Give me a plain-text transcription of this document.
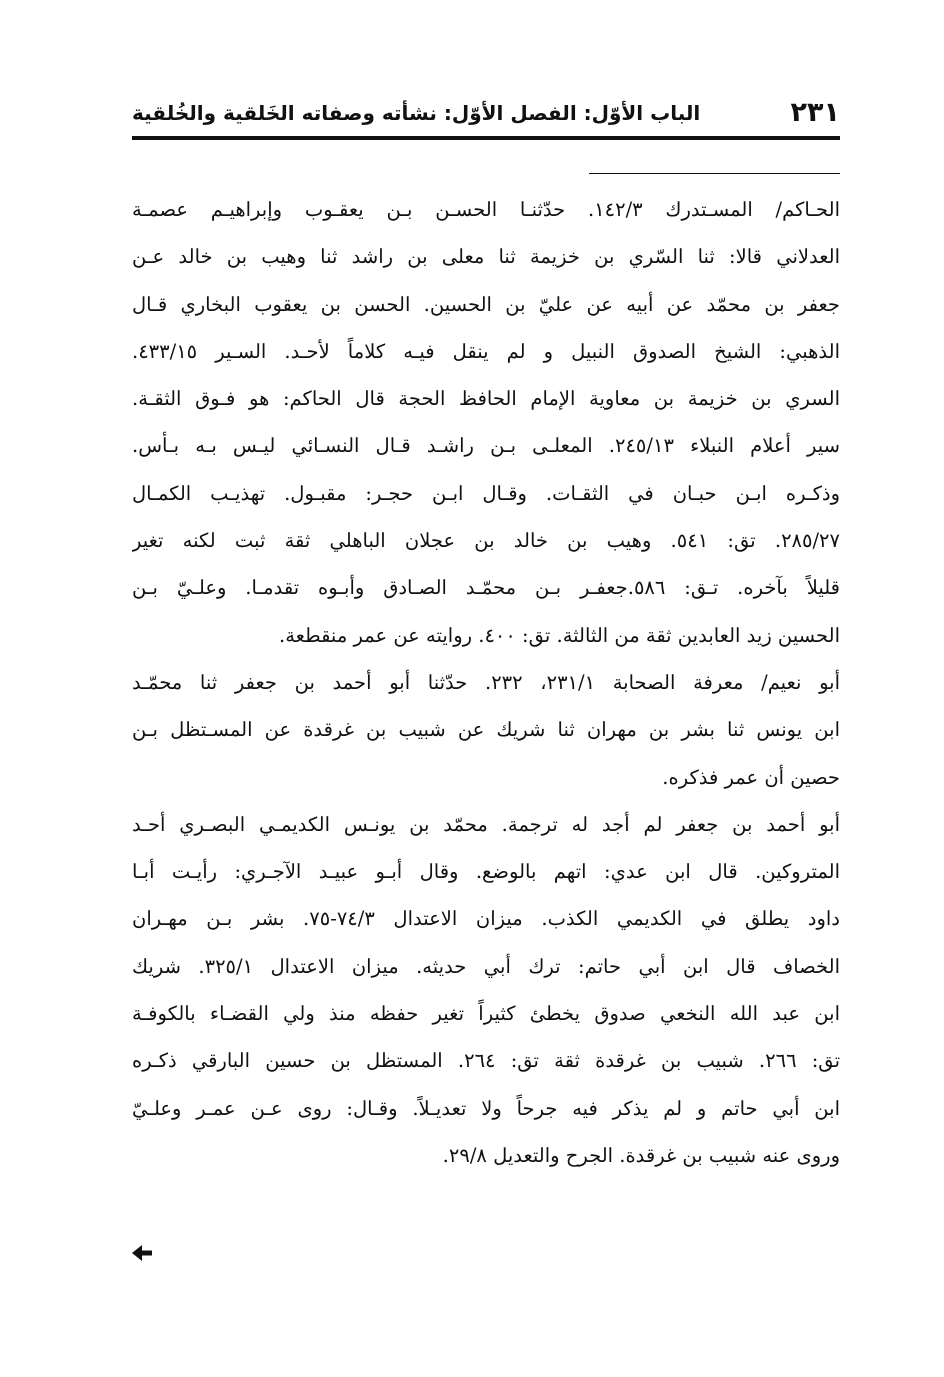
٢٣١
الباب الأوّل: الفصل الأوّل: نشأته وصفاته الخَلقية والخُلقية
الحـاكم/ المسـتدرك ١٤٢/٣. حدّثنـا الحسـن بـن يعقـوب وإبراهيـم عصمـة
العدلاني قالا: ثنا السّري بن خزيمة ثنا معلى بن راشد ثنا وهيب بن خالد عـن
جعفر بن محمّد عن أبيه عن عليّ بن الحسين. الحسن بن يعقوب البخاري قـال
الذهبي: الشيخ الصدوق النبيل و لم ينقل فيـه كلاماً لأحـد. السـير ٤٣٣/١٥.
السري بن خزيمة بن معاوية الإمام الحافظ الحجة قال الحاكم: هو فـوق الثقـة.
سير أعلام النبلاء ٢٤٥/١٣. المعلـى بـن راشـد قـال النسـائي ليـس بـه بـأس.
وذكـره ابـن حبـان في الثقـات. وقـال ابـن حجـر: مقبـول. تهذيـب الكمـال
٢٨٥/٢٧. تق: ٥٤١. وهيب بن خالد بن عجلان الباهلي ثقة ثبت لكنه تغير
قليلاً بآخره. تـق: ٥٨٦.جعفـر بـن محمّـد الصـادق وأبـوه تقدمـا. وعلـيّ بـن
الحسين زيد العابدين ثقة من الثالثة. تق: ٤٠٠. روايته عن عمر منقطعة.
أبو نعيم/ معرفة الصحابة ٢٣١/١، ٢٣٢. حدّثنا أبو أحمد بن جعفر ثنا محمّـد
ابن يونس ثنا بشر بن مهران ثنا شريك عن شبيب بن غرقدة عن المسـتظل بـن
حصين أن عمر فذكره.
أبو أحمد بن جعفر لم أجد له ترجمة. محمّد بن يونـس الكديمـي البصـري أحـد
المتروكين. قال ابن عدي: اتهم بالوضع. وقال أبـو عبيـد الآجـري: رأيـت أبـا
داود يطلق في الكديمي الكذب. ميزان الاعتدال ٧٤/٣-٧٥. بشر بـن مهـران
الخصاف قال ابن أبي حاتم: ترك أبي حديثه. ميزان الاعتدال ٣٢٥/١. شريك
ابن عبد الله النخعي صدوق يخطئ كثيراً تغير حفظه منذ ولي القضـاء بالكوفـة
تق: ٢٦٦. شبيب بن غرقدة ثقة تق: ٢٦٤. المستظل بن حسين البارقي ذكـره
ابن أبي حاتم و لم يذكر فيه جرحاً ولا تعديـلاً. وقـال: روى عـن عمـر وعلـيّ
وروى عنه شبيب بن غرقدة. الجرح والتعديل ٢٩/٨.
